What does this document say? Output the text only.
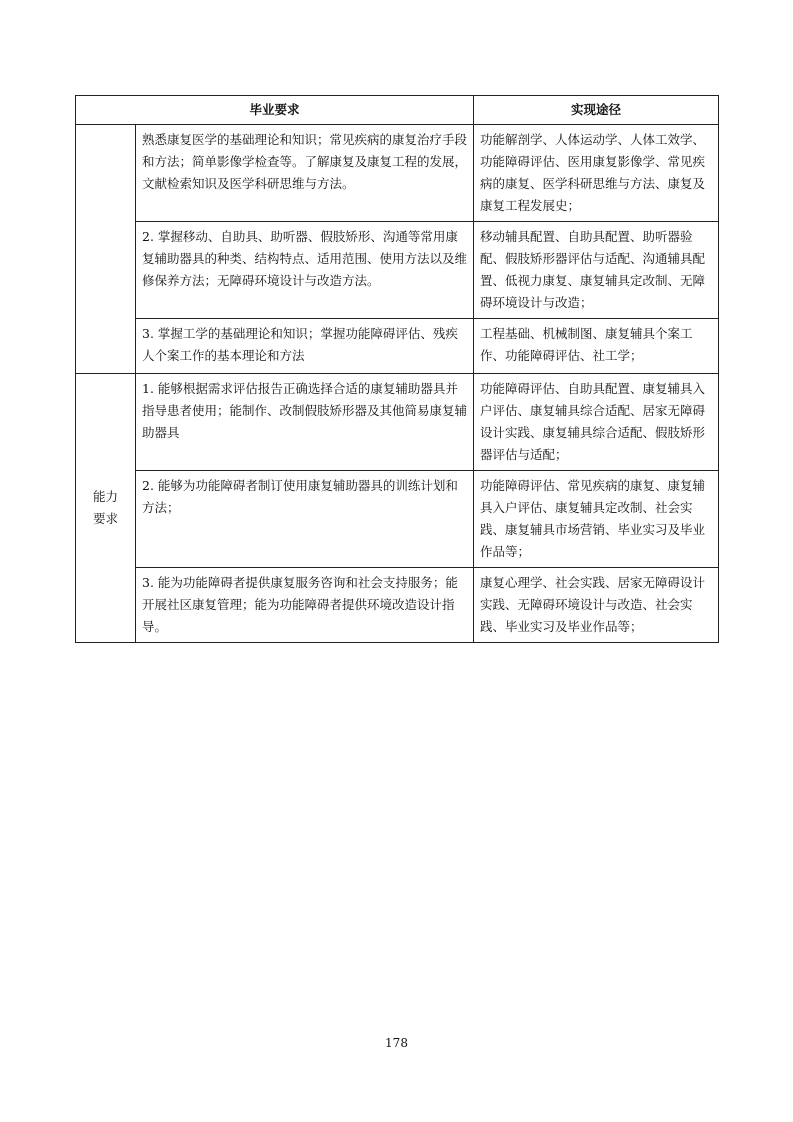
毕业要求		实现途径
	熟悉康复医学的基础理论和知识；常见疾病的康复治疗手段和方法；简单影像学检查等。了解康复及康复工程的发展，文献检索知识及医学科研思维与方法。	功能解剖学、人体运动学、人体工效学、功能障碍评估、医用康复影像学、常见疾病的康复、医学科研思维与方法、康复及康复工程发展史；
	2. 掌握移动、自助具、助听器、假肢矫形、沟通等常用康复辅助器具的种类、结构特点、适用范围、使用方法以及维修保养方法；无障碍环境设计与改造方法。	移动辅具配置、自助具配置、助听器验配、假肢矫形器评估与适配、沟通辅具配置、低视力康复、康复辅具定改制、无障碍环境设计与改造；
	3. 掌握工学的基础理论和知识；掌握功能障碍评估、残疾人个案工作的基本理论和方法	工程基础、机械制图、康复辅具个案工作、功能障碍评估、社工学；
能力要求	1. 能够根据需求评估报告正确选择合适的康复辅助器具并指导患者使用；能制作、改制假肢矫形器及其他简易康复辅助器具	功能障碍评估、自助具配置、康复辅具入户评估、康复辅具综合适配、居家无障碍设计实践、康复辅具综合适配、假肢矫形器评估与适配；
	2. 能够为功能障碍者制订使用康复辅助器具的训练计划和方法；	功能障碍评估、常见疾病的康复、康复辅具入户评估、康复辅具定改制、社会实践、康复辅具市场营销、毕业实习及毕业作品等；
	3. 能为功能障碍者提供康复服务咨询和社会支持服务；能开展社区康复管理；能为功能障碍者提供环境改造设计指导。	康复心理学、社会实践、居家无障碍设计实践、无障碍环境设计与改造、社会实践、毕业实习及毕业作品等；
178
